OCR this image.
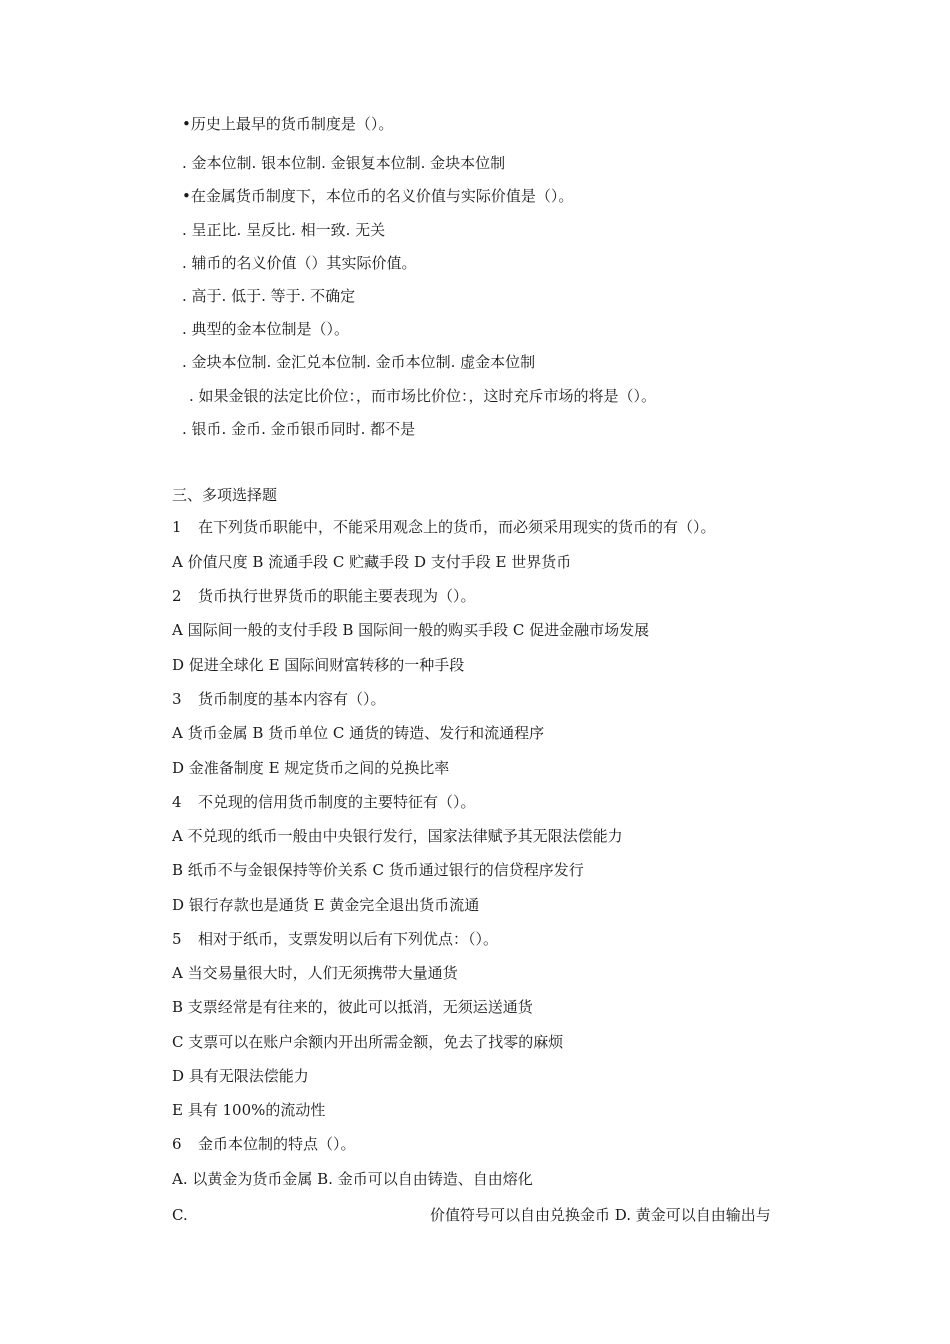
•历史上最早的货币制度是（）。
. 金本位制. 银本位制. 金银复本位制. 金块本位制
•在金属货币制度下，本位币的名义价值与实际价值是（）。
. 呈正比. 呈反比. 相一致. 无关
. 辅币的名义价值（）其实际价值。
. 高于. 低于. 等于. 不确定
. 典型的金本位制是（）。
. 金块本位制. 金汇兑本位制. 金币本位制. 虚金本位制
. 如果金银的法定比价位：，而市场比价位：，这时充斥市场的将是（）。
. 银币. 金币. 金币银币同时. 都不是
三、多项选择题
1 在下列货币职能中，不能采用观念上的货币，而必须采用现实的货币的有（）。
A 价值尺度 B 流通手段 C 贮藏手段 D 支付手段 E 世界货币
2 货币执行世界货币的职能主要表现为（）。
A 国际间一般的支付手段 B 国际间一般的购买手段 C 促进金融市场发展
D 促进全球化 E 国际间财富转移的一种手段
3 货币制度的基本内容有（）。
A 货币金属 B 货币单位 C 通货的铸造、发行和流通程序
D 金准备制度 E 规定货币之间的兑换比率
4 不兑现的信用货币制度的主要特征有（）。
A 不兑现的纸币一般由中央银行发行，国家法律赋予其无限法偿能力
B 纸币不与金银保持等价关系 C 货币通过银行的信贷程序发行
D 银行存款也是通货 E 黄金完全退出货币流通
5 相对于纸币，支票发明以后有下列优点：（）。
A 当交易量很大时，人们无须携带大量通货
B 支票经常是有往来的，彼此可以抵消，无须运送通货
C 支票可以在账户余额内开出所需金额，免去了找零的麻烦
D 具有无限法偿能力
E 具有 100%的流动性
6 金币本位制的特点（）。
A. 以黄金为货币金属 B. 金币可以自由铸造、自由熔化
C.	价值符号可以自由兑换金币 D. 黄金可以自由输出与
